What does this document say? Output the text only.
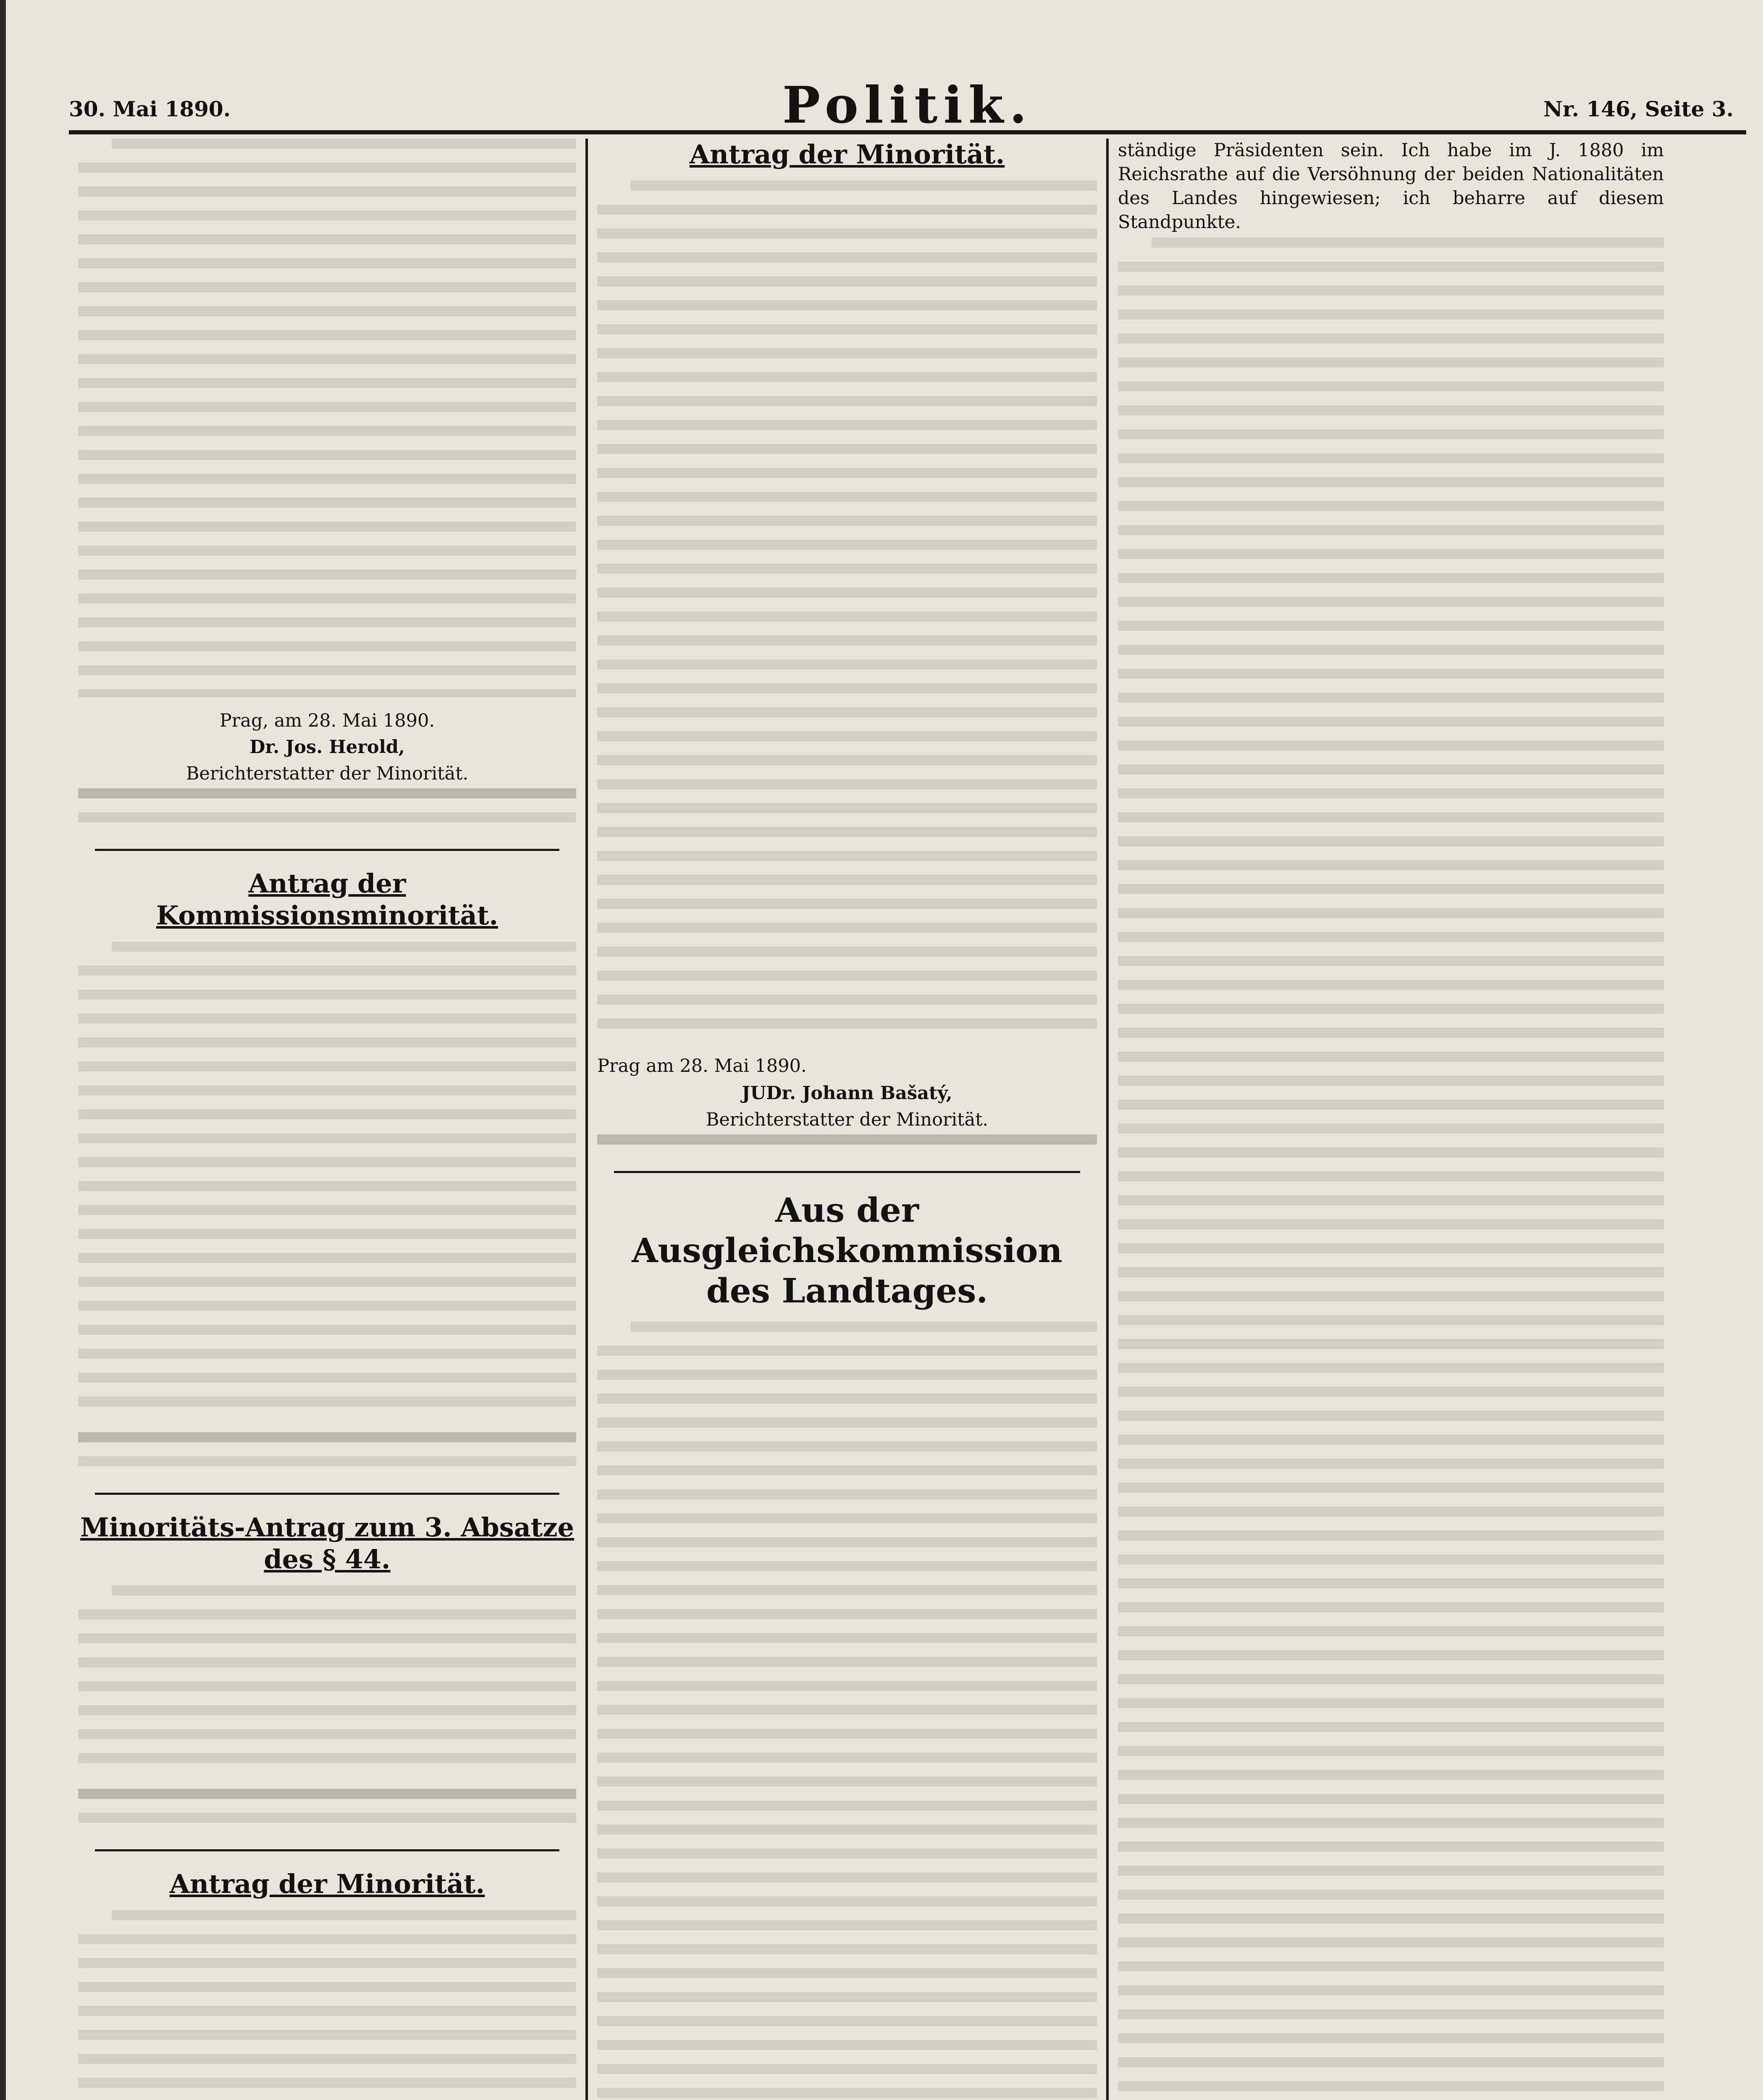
30. Mai 1890.	Politik.	Nr. 146, Seite 3.

Prag, am 28. Mai 1890.

Dr. Jos. Herold,

Berichterstatter der Minorität.

Antrag der Kommissionsminorität.
Minoritäts-Antrag zum 3. Absatze des § 44.
Antrag der Minorität.

Antrag der Minorität.

Prag am 28. Mai 1890.

JUDr. Johann Bašatý,

Berichterstatter der Minorität.

Aus der Ausgleichskommission des Landtages.

ständige Präsidenten sein. Ich habe im J. 1880 im Reichsrathe auf die Versöhnung der beiden Nationalitäten des Landes hingewiesen; ich beharre auf diesem Standpunkte.
